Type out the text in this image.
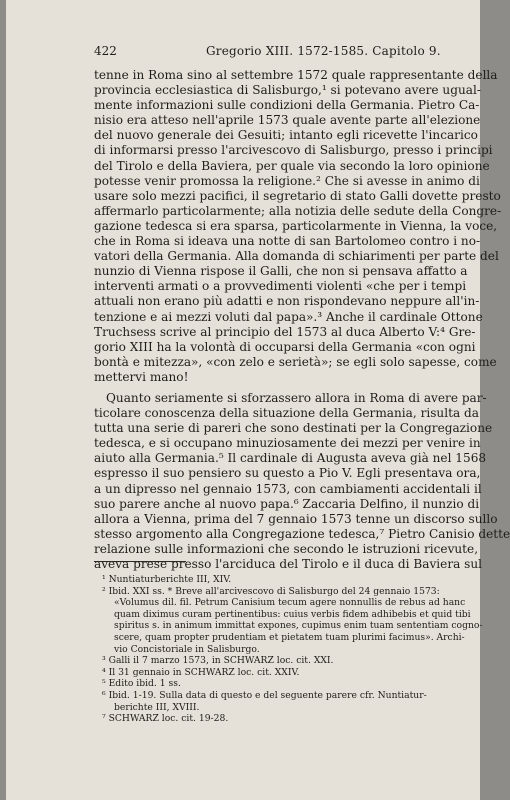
422	Gregorio XIII. 1572-1585. Capitolo 9.
tenne in Roma sino al settembre 1572 quale rappresentante della
provincia ecclesiastica di Salisburgo,¹ si potevano avere ugual-
mente informazioni sulle condizioni della Germania. Pietro Ca-
nisio era atteso nell'aprile 1573 quale avente parte all'elezione
del nuovo generale dei Gesuiti; intanto egli ricevette l'incarico
di informarsi presso l'arcivescovo di Salisburgo, presso i principi
del Tirolo e della Baviera, per quale via secondo la loro opinione
potesse venir promossa la religione.² Che si avesse in animo di
usare solo mezzi pacifici, il segretario di stato Galli dovette presto
affermarlo particolarmente; alla notizia delle sedute della Congre-
gazione tedesca si era sparsa, particolarmente in Vienna, la voce,
che in Roma si ideava una notte di san Bartolomeo contro i no-
vatori della Germania. Alla domanda di schiarimenti per parte del
nunzio di Vienna rispose il Galli, che non si pensava affatto a
interventi armati o a provvedimenti violenti «che per i tempi
attuali non erano più adatti e non rispondevano neppure all'in-
tenzione e ai mezzi voluti dal papa».³ Anche il cardinale Ottone
Truchsess scrive al principio del 1573 al duca Alberto V:⁴ Gre-
gorio XIII ha la volontà di occuparsi della Germania «con ogni
bontà e mitezza», «con zelo e serietà»; se egli solo sapesse, come
mettervi mano!
Quanto seriamente si sforzassero allora in Roma di avere par-
ticolare conoscenza della situazione della Germania, risulta da
tutta una serie di pareri che sono destinati per la Congregazione
tedesca, e si occupano minuziosamente dei mezzi per venire in
aiuto alla Germania.⁵ Il cardinale di Augusta aveva già nel 1568
espresso il suo pensiero su questo a Pio V. Egli presentava ora,
a un dipresso nel gennaio 1573, con cambiamenti accidentali il
suo parere anche al nuovo papa.⁶ Zaccaria Delfino, il nunzio di
allora a Vienna, prima del 7 gennaio 1573 tenne un discorso sullo
stesso argomento alla Congregazione tedesca,⁷ Pietro Canisio dette
relazione sulle informazioni che secondo le istruzioni ricevute,
aveva prese presso l'arciduca del Tirolo e il duca di Baviera sul
¹ Nuntiaturberichte III, XIV.
² Ibid. XXI ss. * Breve all'arcivescovo di Salisburgo del 24 gennaio 1573:
«Volumus dil. fil. Petrum Canisium tecum agere nonnullis de rebus ad hanc
quam diximus curam pertinentibus: cuius verbis fidem adhibebis et quid tibi
spiritus s. in animum immittat expones, cupimus enim tuam sententiam cogno-
scere, quam propter prudentiam et pietatem tuam plurimi facimus». Archi-
vio Concistoriale in Salisburgo.
³ Galli il 7 marzo 1573, in SCHWARZ loc. cit. XXI.
⁴ Il 31 gennaio in SCHWARZ loc. cit. XXIV.
⁵ Edito ibid. 1 ss.
⁶ Ibid. 1-19. Sulla data di questo e del seguente parere cfr. Nuntiatur-
berichte III, XVIII.
⁷ SCHWARZ loc. cit. 19-28.
